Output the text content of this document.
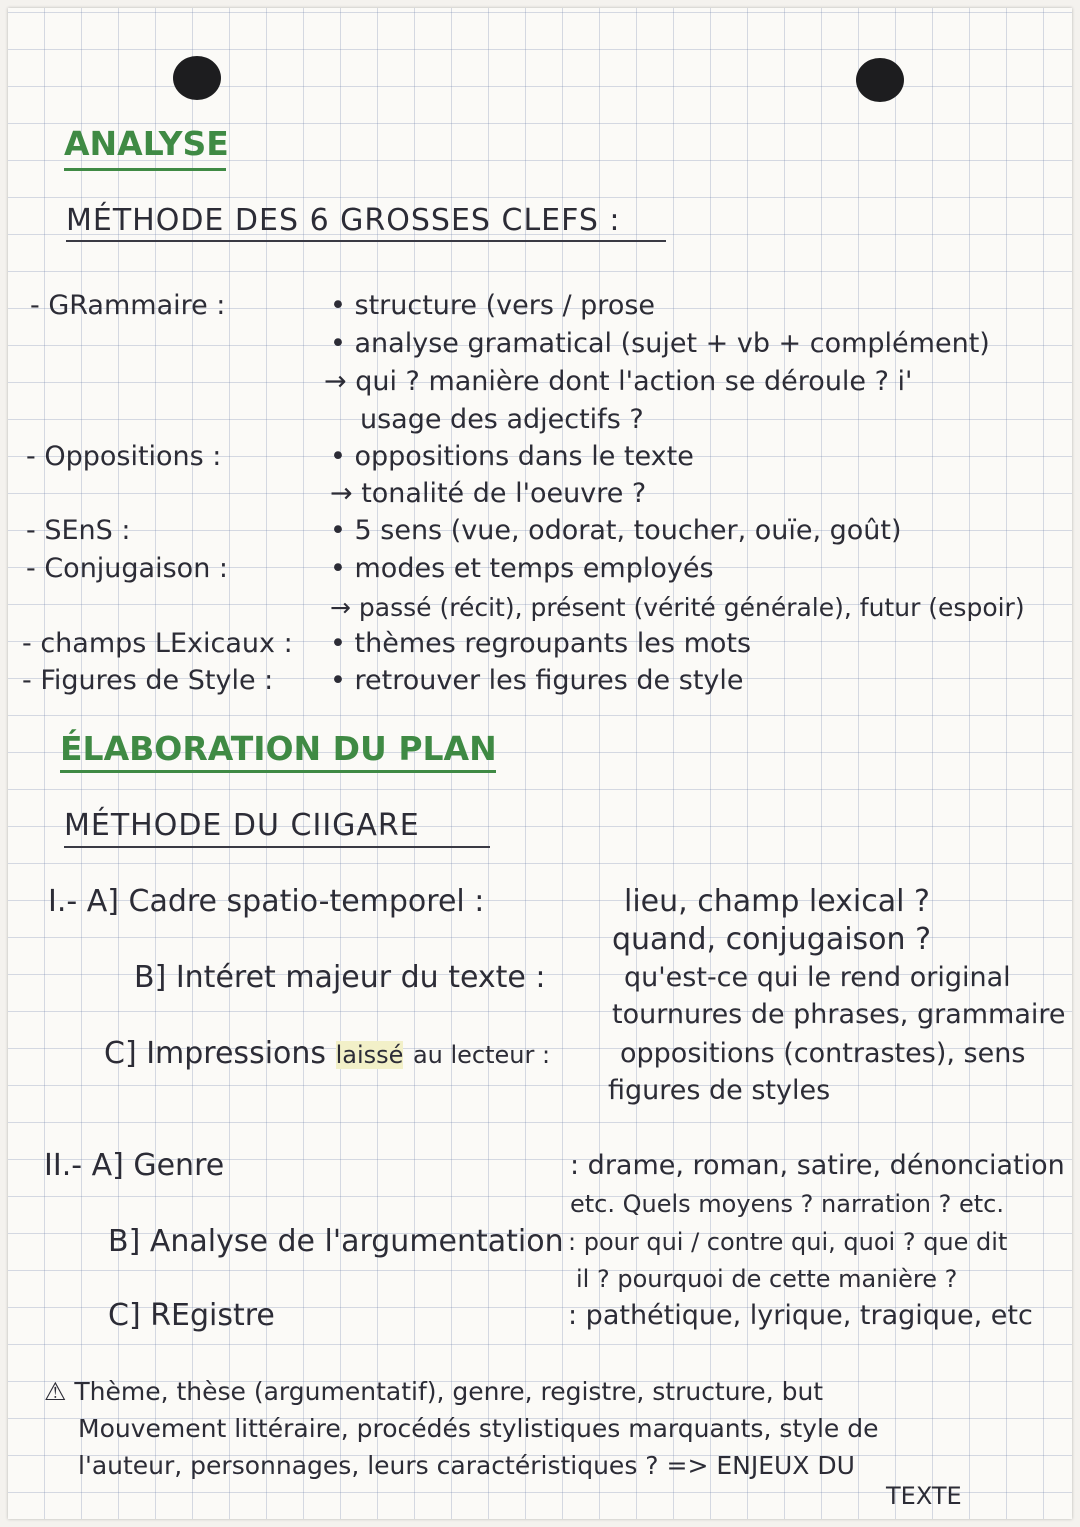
ANALYSE
MÉTHODE DES 6 GROSSES CLEFS :
- GRammaire :	• structure (vers / prose
• analyse gramatical (sujet + vb + complément)
→ qui ? manière dont l'action se déroule ? i'
usage des adjectifs ?
- Oppositions :	• oppositions dans le texte
→ tonalité de l'oeuvre ?
- SEnS :	• 5 sens (vue, odorat, toucher, ouïe, goût)
- Conjugaison :	• modes et temps employés
→ passé (récit), présent (vérité générale), futur (espoir)
- champs LExicaux : • thèmes regroupants les mots
- Figures de Style : • retrouver les figures de style
ÉLABORATION DU PLAN
MÉTHODE DU CIIGARE
I.- A] Cadre spatio-temporel :	lieu, champ lexical ?
quand, conjugaison ?
B] Intéret majeur du texte :	qu'est-ce qui le rend original
tournures de phrases, grammaire
C] Impressions laissé au lecteur :	oppositions (contrastes), sens
figures de styles
II.- A] Genre	: drame, roman, satire, dénonciation
etc. Quels moyens ? narration ? etc.
B] Analyse de l'argumentation : pour qui / contre qui, quoi ? que dit
il ? pourquoi de cette manière ?
C] REgistre	: pathétique, lyrique, tragique, etc
⚠ Thème, thèse (argumentatif), genre, registre, structure, but
Mouvement littéraire, procédés stylistiques marquants, style de
l'auteur, personnages, leurs caractéristiques ? => ENJEUX DU
TEXTE
